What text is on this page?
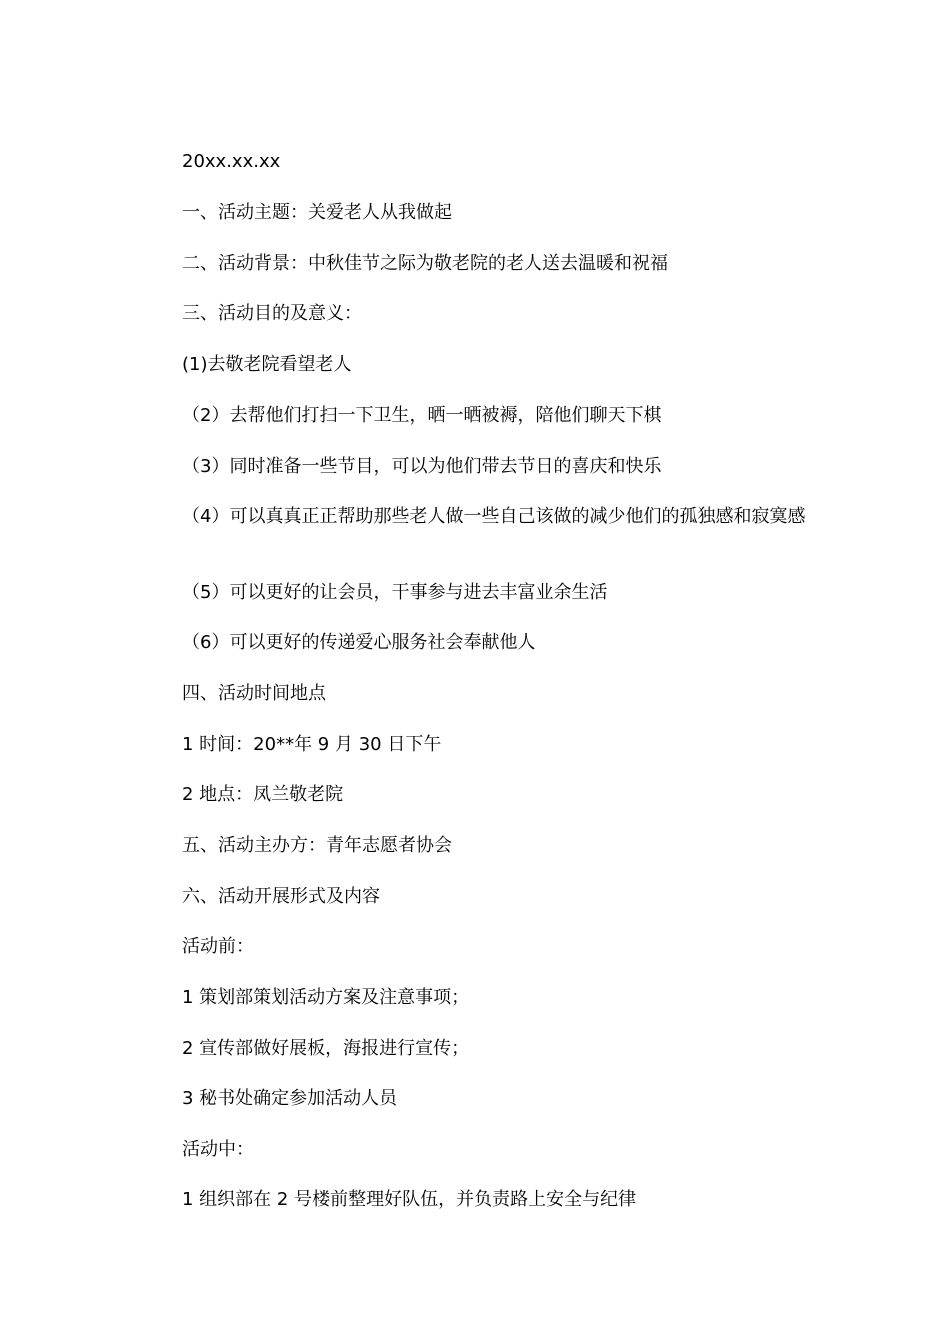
20xx.xx.xx
一、活动主题：关爱老人从我做起
二、活动背景：中秋佳节之际为敬老院的老人送去温暖和祝福
三、活动目的及意义：
(1)去敬老院看望老人
（2）去帮他们打扫一下卫生，晒一晒被褥，陪他们聊天下棋
（3）同时准备一些节目，可以为他们带去节日的喜庆和快乐
（4）可以真真正正帮助那些老人做一些自己该做的减少他们的孤独感和寂寞感
（5）可以更好的让会员，干事参与进去丰富业余生活
（6）可以更好的传递爱心服务社会奉献他人
四、活动时间地点
1 时间：20**年 9 月 30 日下午
2 地点：凤兰敬老院
五、活动主办方：青年志愿者协会
六、活动开展形式及内容
活动前：
1 策划部策划活动方案及注意事项；
2 宣传部做好展板，海报进行宣传；
3 秘书处确定参加活动人员
活动中：
1 组织部在 2 号楼前整理好队伍，并负责路上安全与纪律
